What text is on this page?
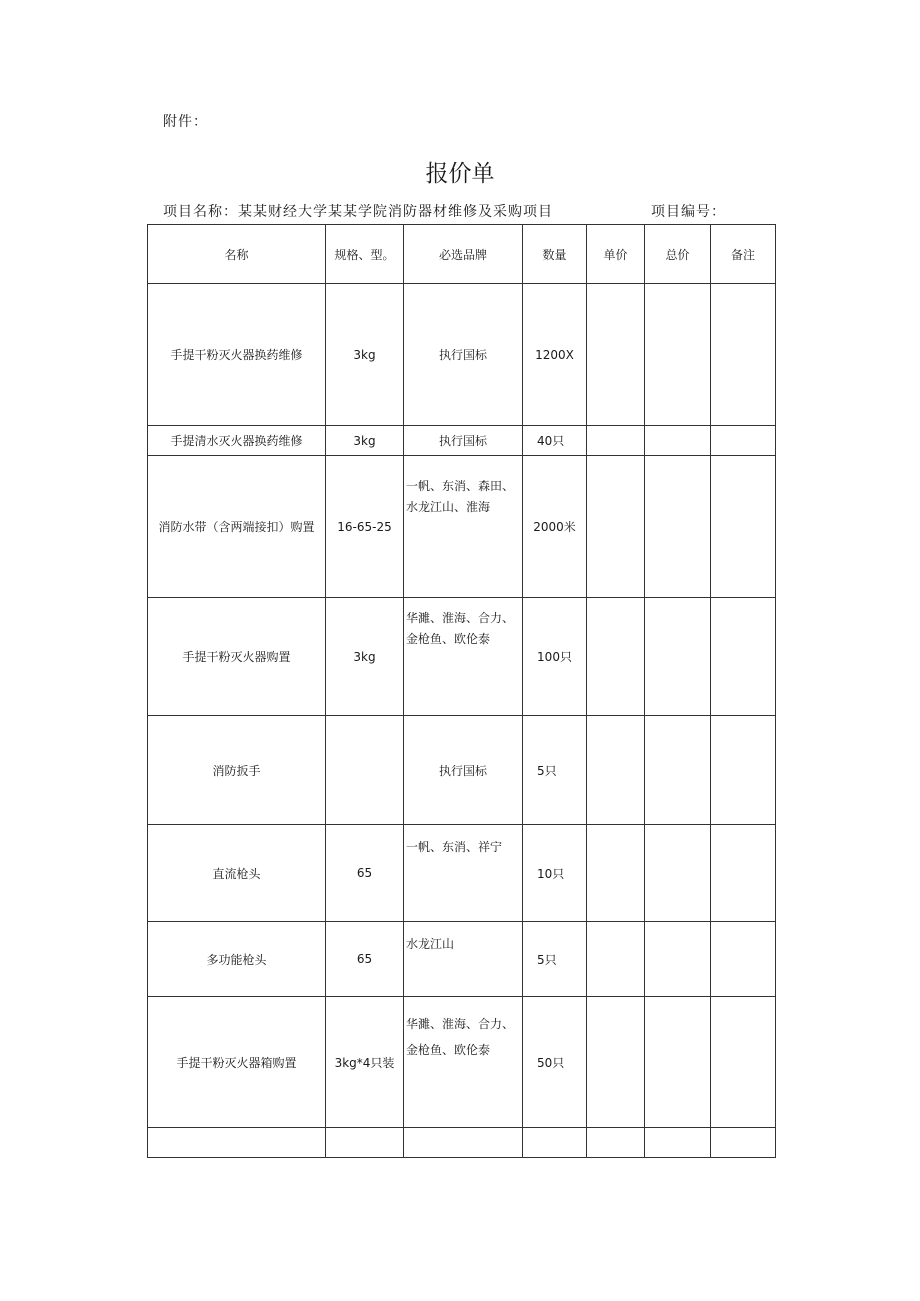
附件：
报价单
项目名称：某某财经大学某某学院消防器材维修及采购项目	项目编号：
名称	规格、型。	必选品牌	数量	单价	总价	备注
手提干粉灭火器换药维修	3kg	执行国标	1200X			
手提清水灭火器换药维修	3kg	执行国标	40只			
消防水带（含两端接扣）购置	16-65-25	一帆、东消、森田、水龙江山、淮海	2000米			
手提干粉灭火器购置	3kg	华濉、淮海、合力、金枪鱼、欧伦泰	100只			
消防扳手		执行国标	5只			
直流枪头	65	一帆、东消、祥宁	10只			
多功能枪头	65	水龙江山	5只			
手提干粉灭火器箱购置	3kg*4只装	华濉、淮海、合力、金枪鱼、欧伦泰	50只			
